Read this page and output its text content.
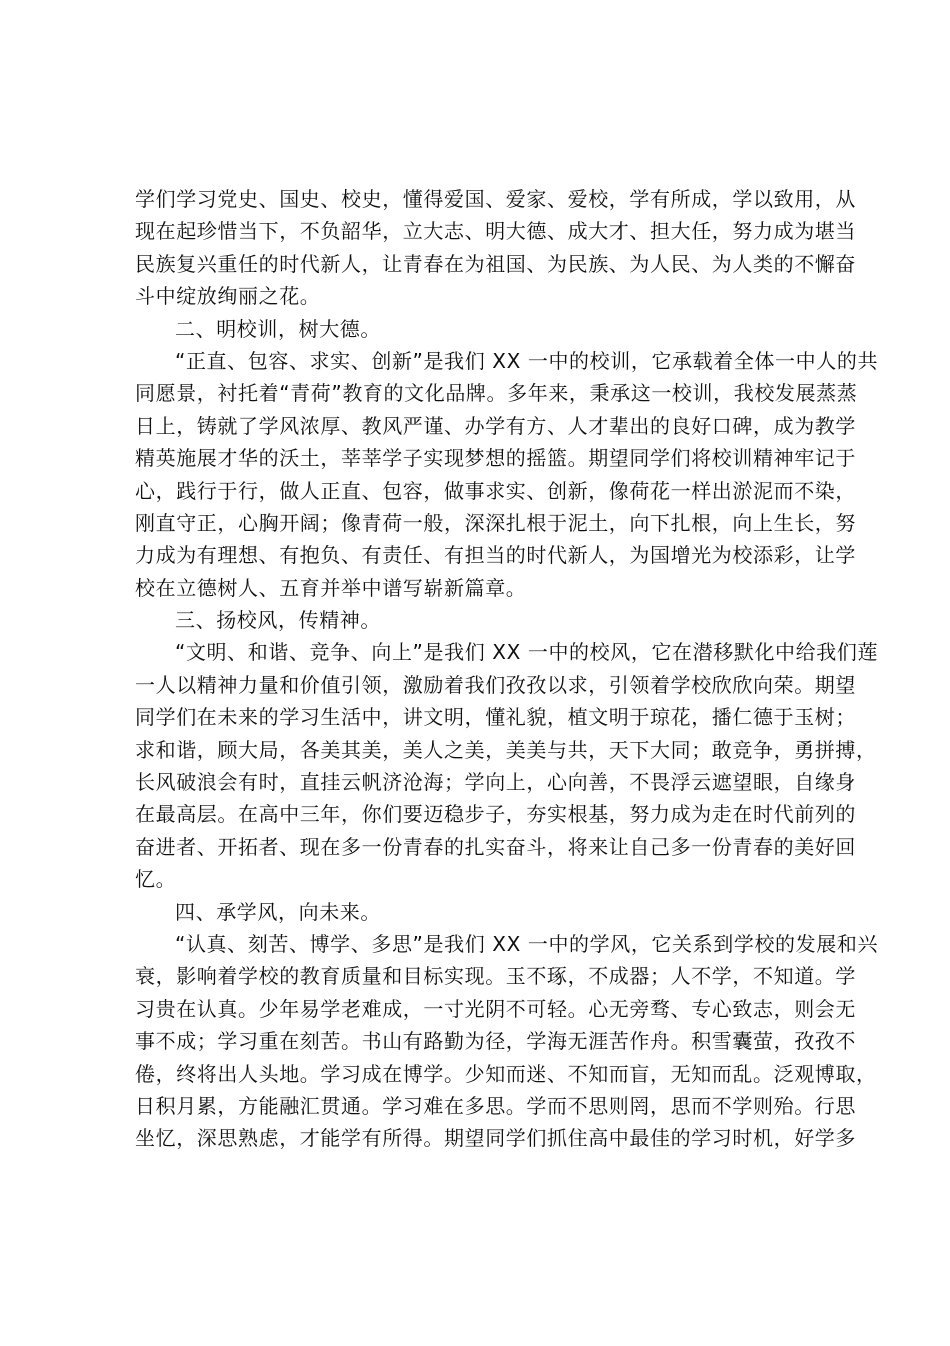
学们学习党史、国史、校史，懂得爱国、爱家、爱校，学有所成，学以致用，从
现在起珍惜当下，不负韶华，立大志、明大德、成大才、担大任，努力成为堪当
民族复兴重任的时代新人，让青春在为祖国、为民族、为人民、为人类的不懈奋
斗中绽放绚丽之花。
二、明校训，树大德。
“正直、包容、求实、创新”是我们 XX 一中的校训，它承载着全体一中人的共
同愿景，衬托着“青荷”教育的文化品牌。多年来，秉承这一校训，我校发展蒸蒸
日上，铸就了学风浓厚、教风严谨、办学有方、人才辈出的良好口碑，成为教学
精英施展才华的沃土，莘莘学子实现梦想的摇篮。期望同学们将校训精神牢记于
心，践行于行，做人正直、包容，做事求实、创新，像荷花一样出淤泥而不染，
刚直守正，心胸开阔；像青荷一般，深深扎根于泥土，向下扎根，向上生长，努
力成为有理想、有抱负、有责任、有担当的时代新人，为国增光为校添彩，让学
校在立德树人、五育并举中谱写崭新篇章。
三、扬校风，传精神。
“文明、和谐、竞争、向上”是我们 XX 一中的校风，它在潜移默化中给我们莲
一人以精神力量和价值引领，激励着我们孜孜以求，引领着学校欣欣向荣。期望
同学们在未来的学习生活中，讲文明，懂礼貌，植文明于琼花，播仁德于玉树；
求和谐，顾大局，各美其美，美人之美，美美与共，天下大同；敢竞争，勇拼搏，
长风破浪会有时，直挂云帆济沧海；学向上，心向善，不畏浮云遮望眼，自缘身
在最高层。在高中三年，你们要迈稳步子，夯实根基，努力成为走在时代前列的
奋进者、开拓者、现在多一份青春的扎实奋斗，将来让自己多一份青春的美好回
忆。
四、承学风，向未来。
“认真、刻苦、博学、多思”是我们 XX 一中的学风，它关系到学校的发展和兴
衰，影响着学校的教育质量和目标实现。玉不琢，不成器；人不学，不知道。学
习贵在认真。少年易学老难成，一寸光阴不可轻。心无旁骛、专心致志，则会无
事不成；学习重在刻苦。书山有路勤为径，学海无涯苦作舟。积雪囊萤，孜孜不
倦，终将出人头地。学习成在博学。少知而迷、不知而盲，无知而乱。泛观博取，
日积月累，方能融汇贯通。学习难在多思。学而不思则罔，思而不学则殆。行思
坐忆，深思熟虑，才能学有所得。期望同学们抓住高中最佳的学习时机，好学多
